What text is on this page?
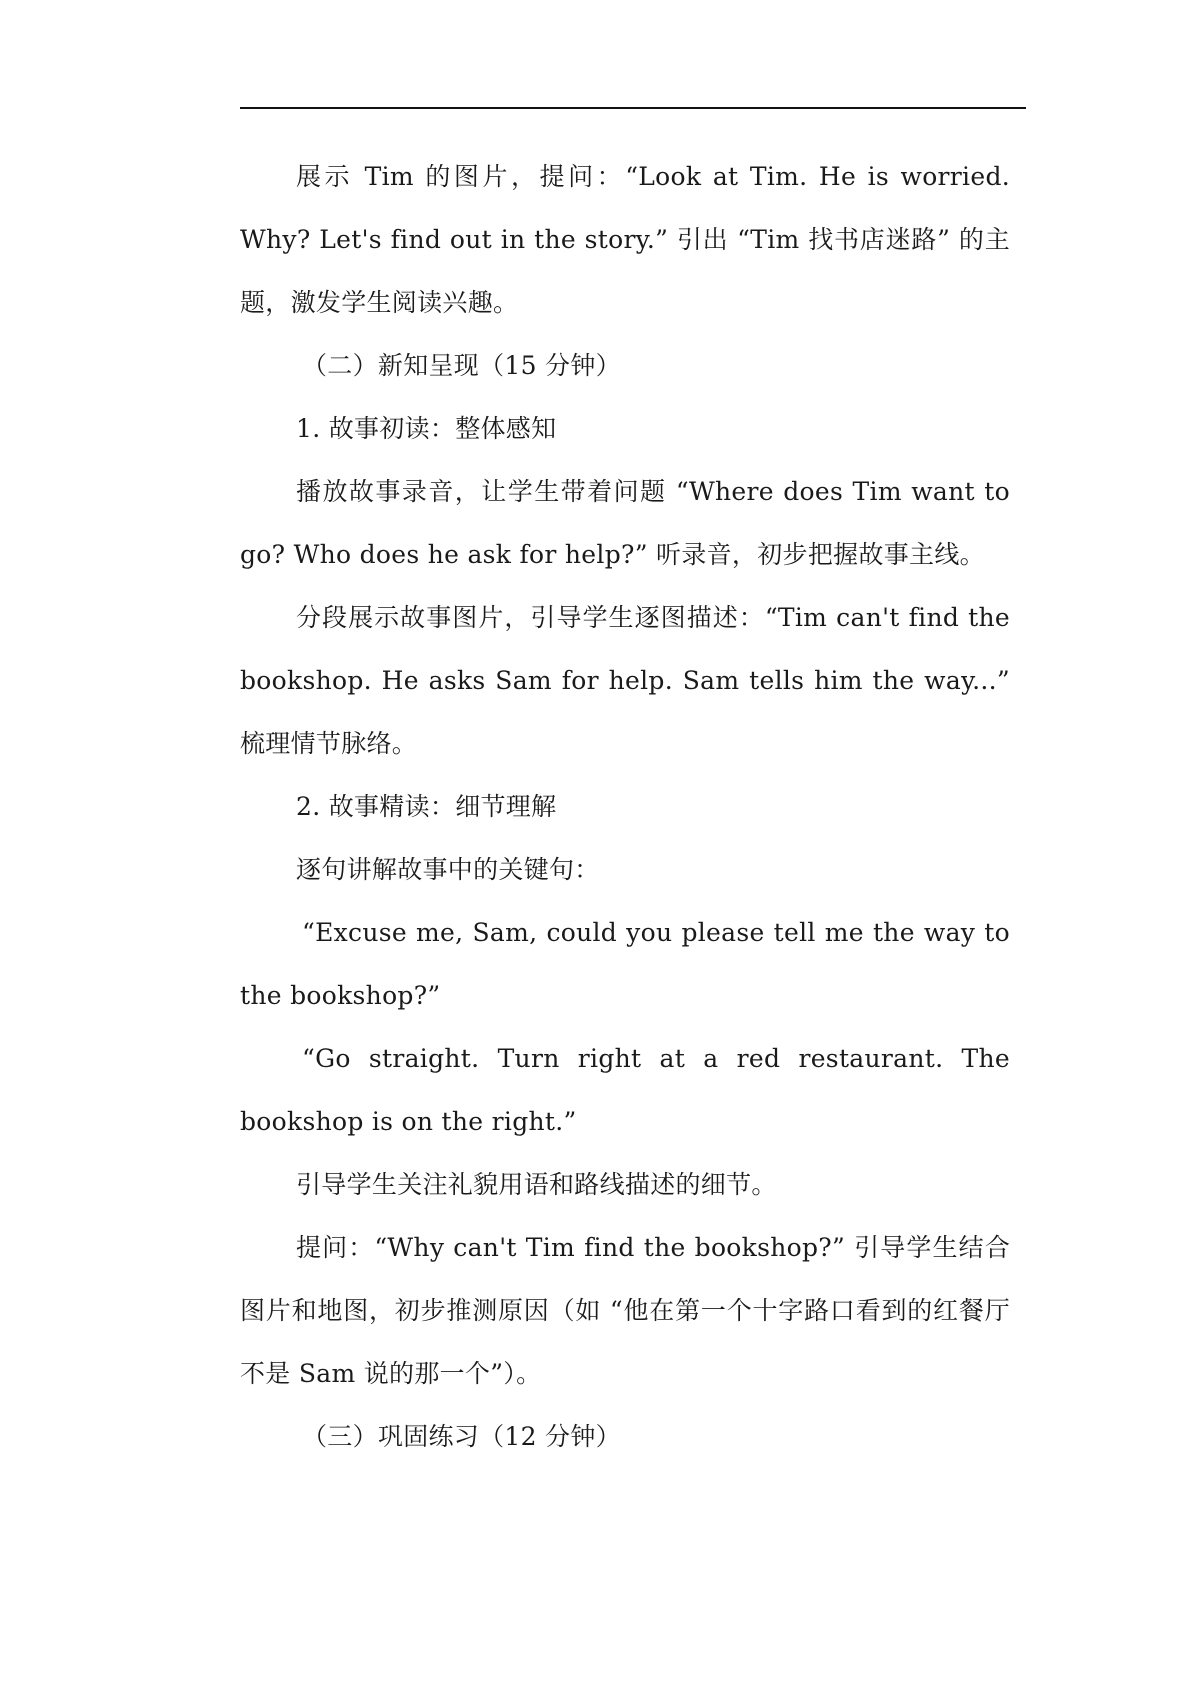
展示 Tim 的图片，提问：“Look at Tim. He is worried. Why? Let's find out in the story.” 引出 “Tim 找书店迷路” 的主题，激发学生阅读兴趣。

（二）新知呈现（15 分钟）

1. 故事初读：整体感知

播放故事录音，让学生带着问题 “Where does Tim want to go? Who does he ask for help?” 听录音，初步把握故事主线。

分段展示故事图片，引导学生逐图描述：“Tim can't find the bookshop. He asks Sam for help. Sam tells him the way...” 梳理情节脉络。

2. 故事精读：细节理解

逐句讲解故事中的关键句：

“Excuse me, Sam, could you please tell me the way to the bookshop?”

“Go straight. Turn right at a red restaurant. The bookshop is on the right.”

引导学生关注礼貌用语和路线描述的细节。

提问：“Why can't Tim find the bookshop?” 引导学生结合图片和地图，初步推测原因（如 “他在第一个十字路口看到的红餐厅不是 Sam 说的那一个”）。

（三）巩固练习（12 分钟）
